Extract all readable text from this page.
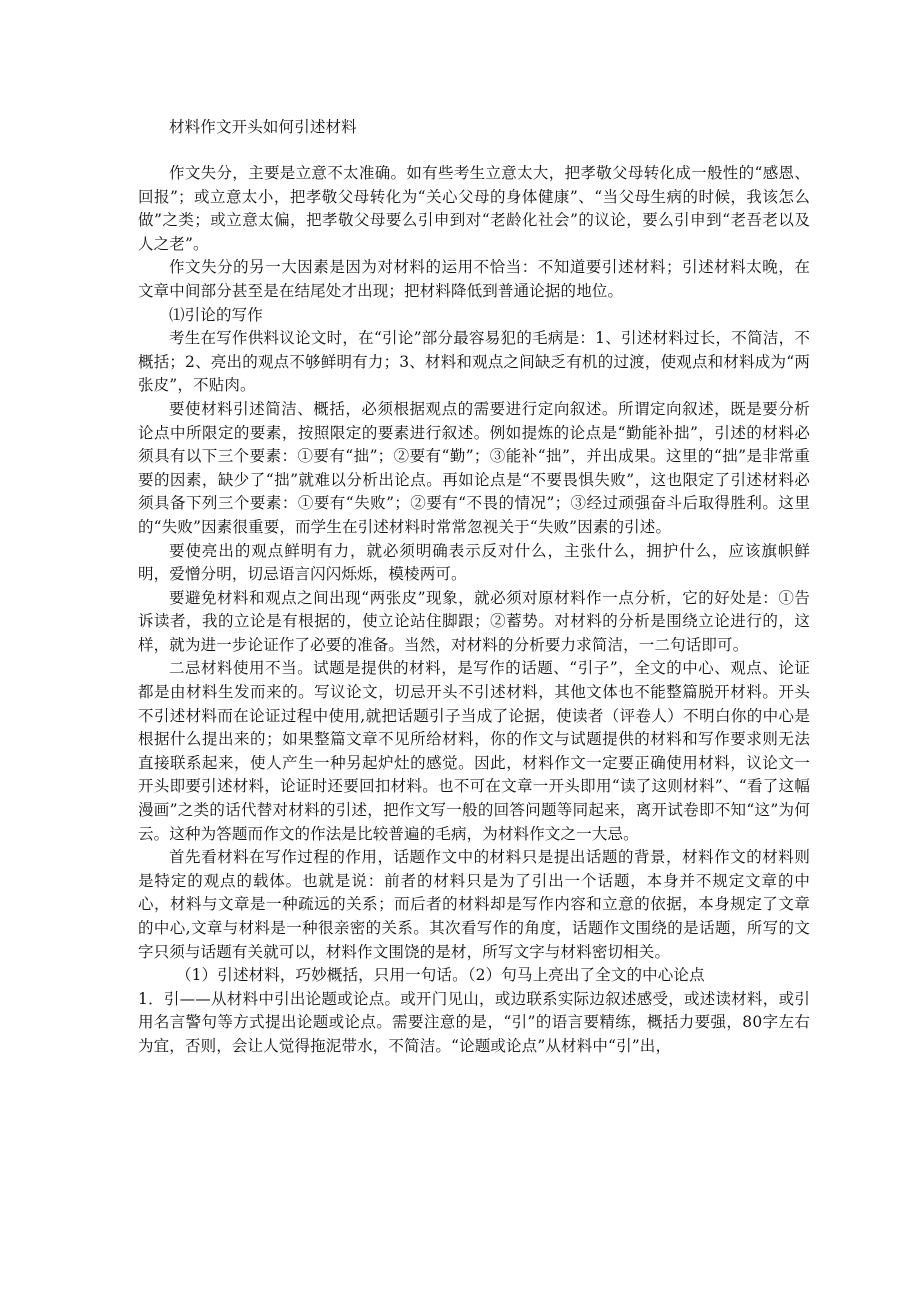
材料作文开头如何引述材料

作文失分，主要是立意不太准确。如有些考生立意太大，把孝敬父母转化成一般性的“感恩、回报”；或立意太小，把孝敬父母转化为“关心父母的身体健康”、“当父母生病的时候，我该怎么做”之类；或立意太偏，把孝敬父母要么引申到对“老龄化社会”的议论，要么引申到“老吾老以及人之老”。

作文失分的另一大因素是因为对材料的运用不恰当：不知道要引述材料；引述材料太晚，在文章中间部分甚至是在结尾处才出现；把材料降低到普通论据的地位。

⑴引论的写作

考生在写作供料议论文时，在“引论”部分最容易犯的毛病是：1、引述材料过长，不简洁，不概括；2、亮出的观点不够鲜明有力；3、材料和观点之间缺乏有机的过渡，使观点和材料成为“两张皮”，不贴肉。

要使材料引述简洁、概括，必须根据观点的需要进行定向叙述。所谓定向叙述，既是要分析论点中所限定的要素，按照限定的要素进行叙述。例如提炼的论点是“勤能补拙”，引述的材料必须具有以下三个要素：①要有“拙”；②要有“勤”；③能补“拙”，并出成果。这里的“拙”是非常重要的因素，缺少了“拙”就难以分析出论点。再如论点是“不要畏惧失败”，这也限定了引述材料必须具备下列三个要素：①要有“失败”；②要有“不畏的情况”；③经过顽强奋斗后取得胜利。这里的“失败”因素很重要，而学生在引述材料时常常忽视关于“失败”因素的引述。

要使亮出的观点鲜明有力，就必须明确表示反对什么，主张什么，拥护什么，应该旗帜鲜明，爱憎分明，切忌语言闪闪烁烁，模棱两可。

要避免材料和观点之间出现“两张皮”现象，就必须对原材料作一点分析，它的好处是：①告诉读者，我的立论是有根据的，使立论站住脚跟；②蓄势。对材料的分析是围绕立论进行的，这样，就为进一步论证作了必要的准备。当然，对材料的分析要力求简洁，一二句话即可。

二忌材料使用不当。试题是提供的材料，是写作的话题、“引子”，全文的中心、观点、论证都是由材料生发而来的。写议论文，切忌开头不引述材料，其他文体也不能整篇脱开材料。开头不引述材料而在论证过程中使用,就把话题引子当成了论据，使读者（评卷人）不明白你的中心是根据什么提出来的；如果整篇文章不见所给材料，你的作文与试题提供的材料和写作要求则无法直接联系起来，使人产生一种另起炉灶的感觉。因此，材料作文一定要正确使用材料，议论文一开头即要引述材料，论证时还要回扣材料。也不可在文章一开头即用“读了这则材料”、“看了这幅漫画”之类的话代替对材料的引述，把作文写一般的回答问题等同起来，离开试卷即不知“这”为何云。这种为答题而作文的作法是比较普遍的毛病，为材料作文之一大忌。

首先看材料在写作过程的作用，话题作文中的材料只是提出话题的背景，材料作文的材料则是特定的观点的载体。也就是说：前者的材料只是为了引出一个话题，本身并不规定文章的中心，材料与文章是一种疏远的关系；而后者的材料却是写作内容和立意的依据，本身规定了文章的中心,文章与材料是一种很亲密的关系。其次看写作的角度，话题作文围绕的是话题，所写的文字只须与话题有关就可以，材料作文围饶的是材，所写文字与材料密切相关。

（1）引述材料，巧妙概括，只用一句话。（2）句马上亮出了全文的中心论点

1．引——从材料中引出论题或论点。或开门见山，或边联系实际边叙述感受，或述读材料，或引用名言警句等方式提出论题或论点。需要注意的是，“引”的语言要精练，概括力要强，80字左右为宜，否则，会让人觉得拖泥带水，不简洁。“论题或论点”从材料中“引”出，
